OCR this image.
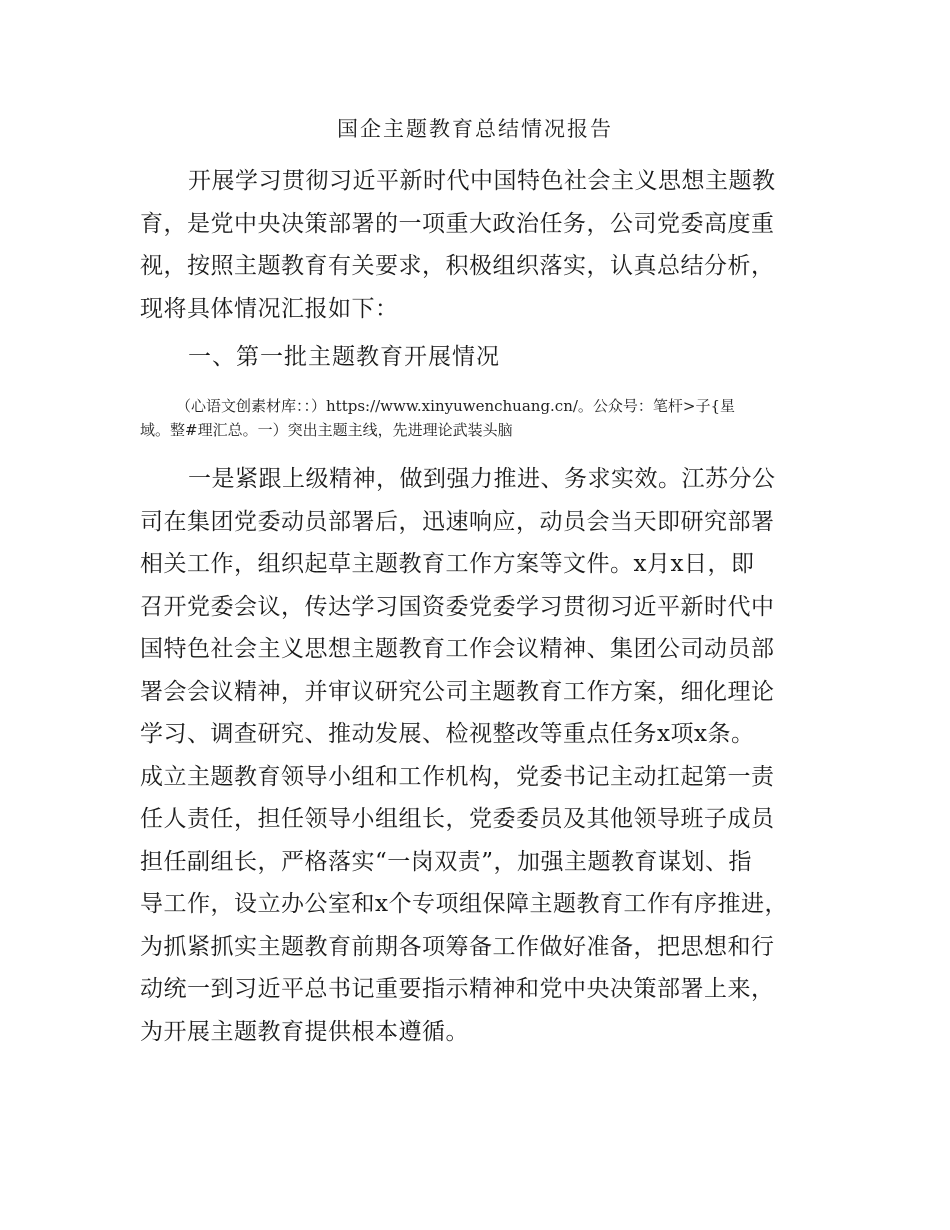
国企主题教育总结情况报告
开展学习贯彻习近平新时代中国特色社会主义思想主题教
育，是党中央决策部署的一项重大政治任务，公司党委高度重
视，按照主题教育有关要求，积极组织落实，认真总结分析，
现将具体情况汇报如下：
一、第一批主题教育开展情况
（心语文创素材库：：）https://www.xinyuwenchuang.cn/。公众号：笔杆>子{星
域。整#理汇总。一）突出主题主线，先进理论武装头脑
一是紧跟上级精神，做到强力推进、务求实效。江苏分公
司在集团党委动员部署后，迅速响应，动员会当天即研究部署
相关工作，组织起草主题教育工作方案等文件。x月x日，即
召开党委会议，传达学习国资委党委学习贯彻习近平新时代中
国特色社会主义思想主题教育工作会议精神、集团公司动员部
署会会议精神，并审议研究公司主题教育工作方案，细化理论
学习、调查研究、推动发展、检视整改等重点任务x项x条。
成立主题教育领导小组和工作机构，党委书记主动扛起第一责
任人责任，担任领导小组组长，党委委员及其他领导班子成员
担任副组长，严格落实“一岗双责”，加强主题教育谋划、指
导工作，设立办公室和x个专项组保障主题教育工作有序推进，
为抓紧抓实主题教育前期各项筹备工作做好准备，把思想和行
动统一到习近平总书记重要指示精神和党中央决策部署上来，
为开展主题教育提供根本遵循。
